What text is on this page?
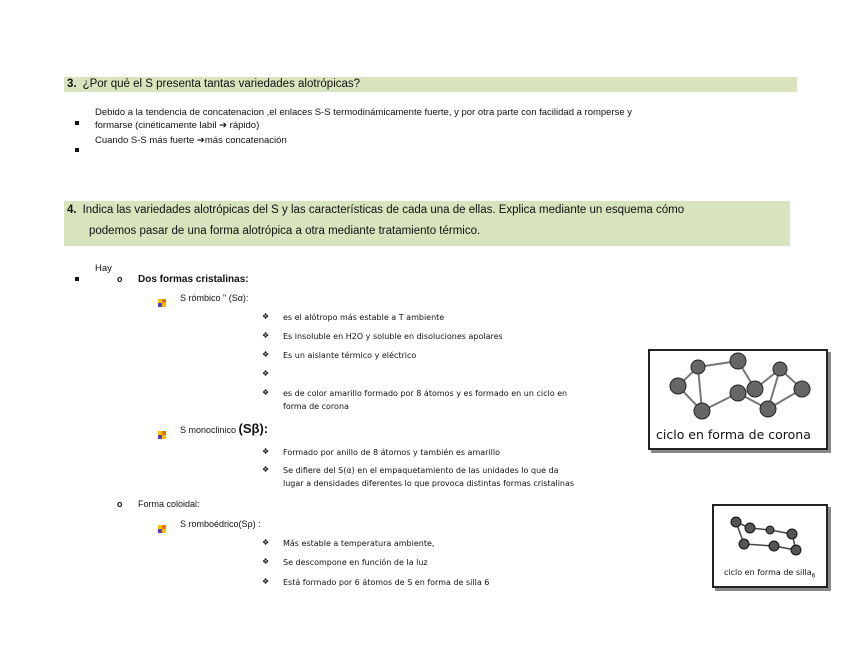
3. ¿Por qué el S presenta tantas variedades alotrópicas?
Debido a la tendencia de concatenacion ,el enlaces S-S termodinámicamente fuerte, y por otra parte con facilidad a romperse y
formarse (cinéticamente labil ➔ rápido)
Cuando S-S más fuerte ➔más concatenación
4. Indica las variedades alotrópicas del S y las características de cada una de ellas. Explica mediante un esquema cómo
podemos pasar de una forma alotrópica a otra mediante tratamiento térmico.
Hay
o Dos formas cristalinas:
S rómbico " (Sα):
❖ es el alótropo más estable a T ambiente
❖ Es insoluble en H2O y soluble en disoluciones apolares
❖ Es un aislante térmico y eléctrico
❖
❖ es de color amarillo formado por 8 átomos y es formado en un ciclo en
forma de corona
S monoclinico (Sβ):
❖ Formado por anillo de 8 átomos y también es amarillo
❖ Se difiere del S(α) en el empaquetamiento de las unidades lo que da
lugar a densidades diferentes lo que provoca distintas formas cristalinas
o Forma coloidal:
S romboédrico(Sρ) :
❖ Más estable a temperatura ambiente,
❖ Se descompone en función de la luz
❖ Está formado por 6 átomos de S en forma de silla 6
ciclo en forma de corona
ciclo en forma de silla$_6$
